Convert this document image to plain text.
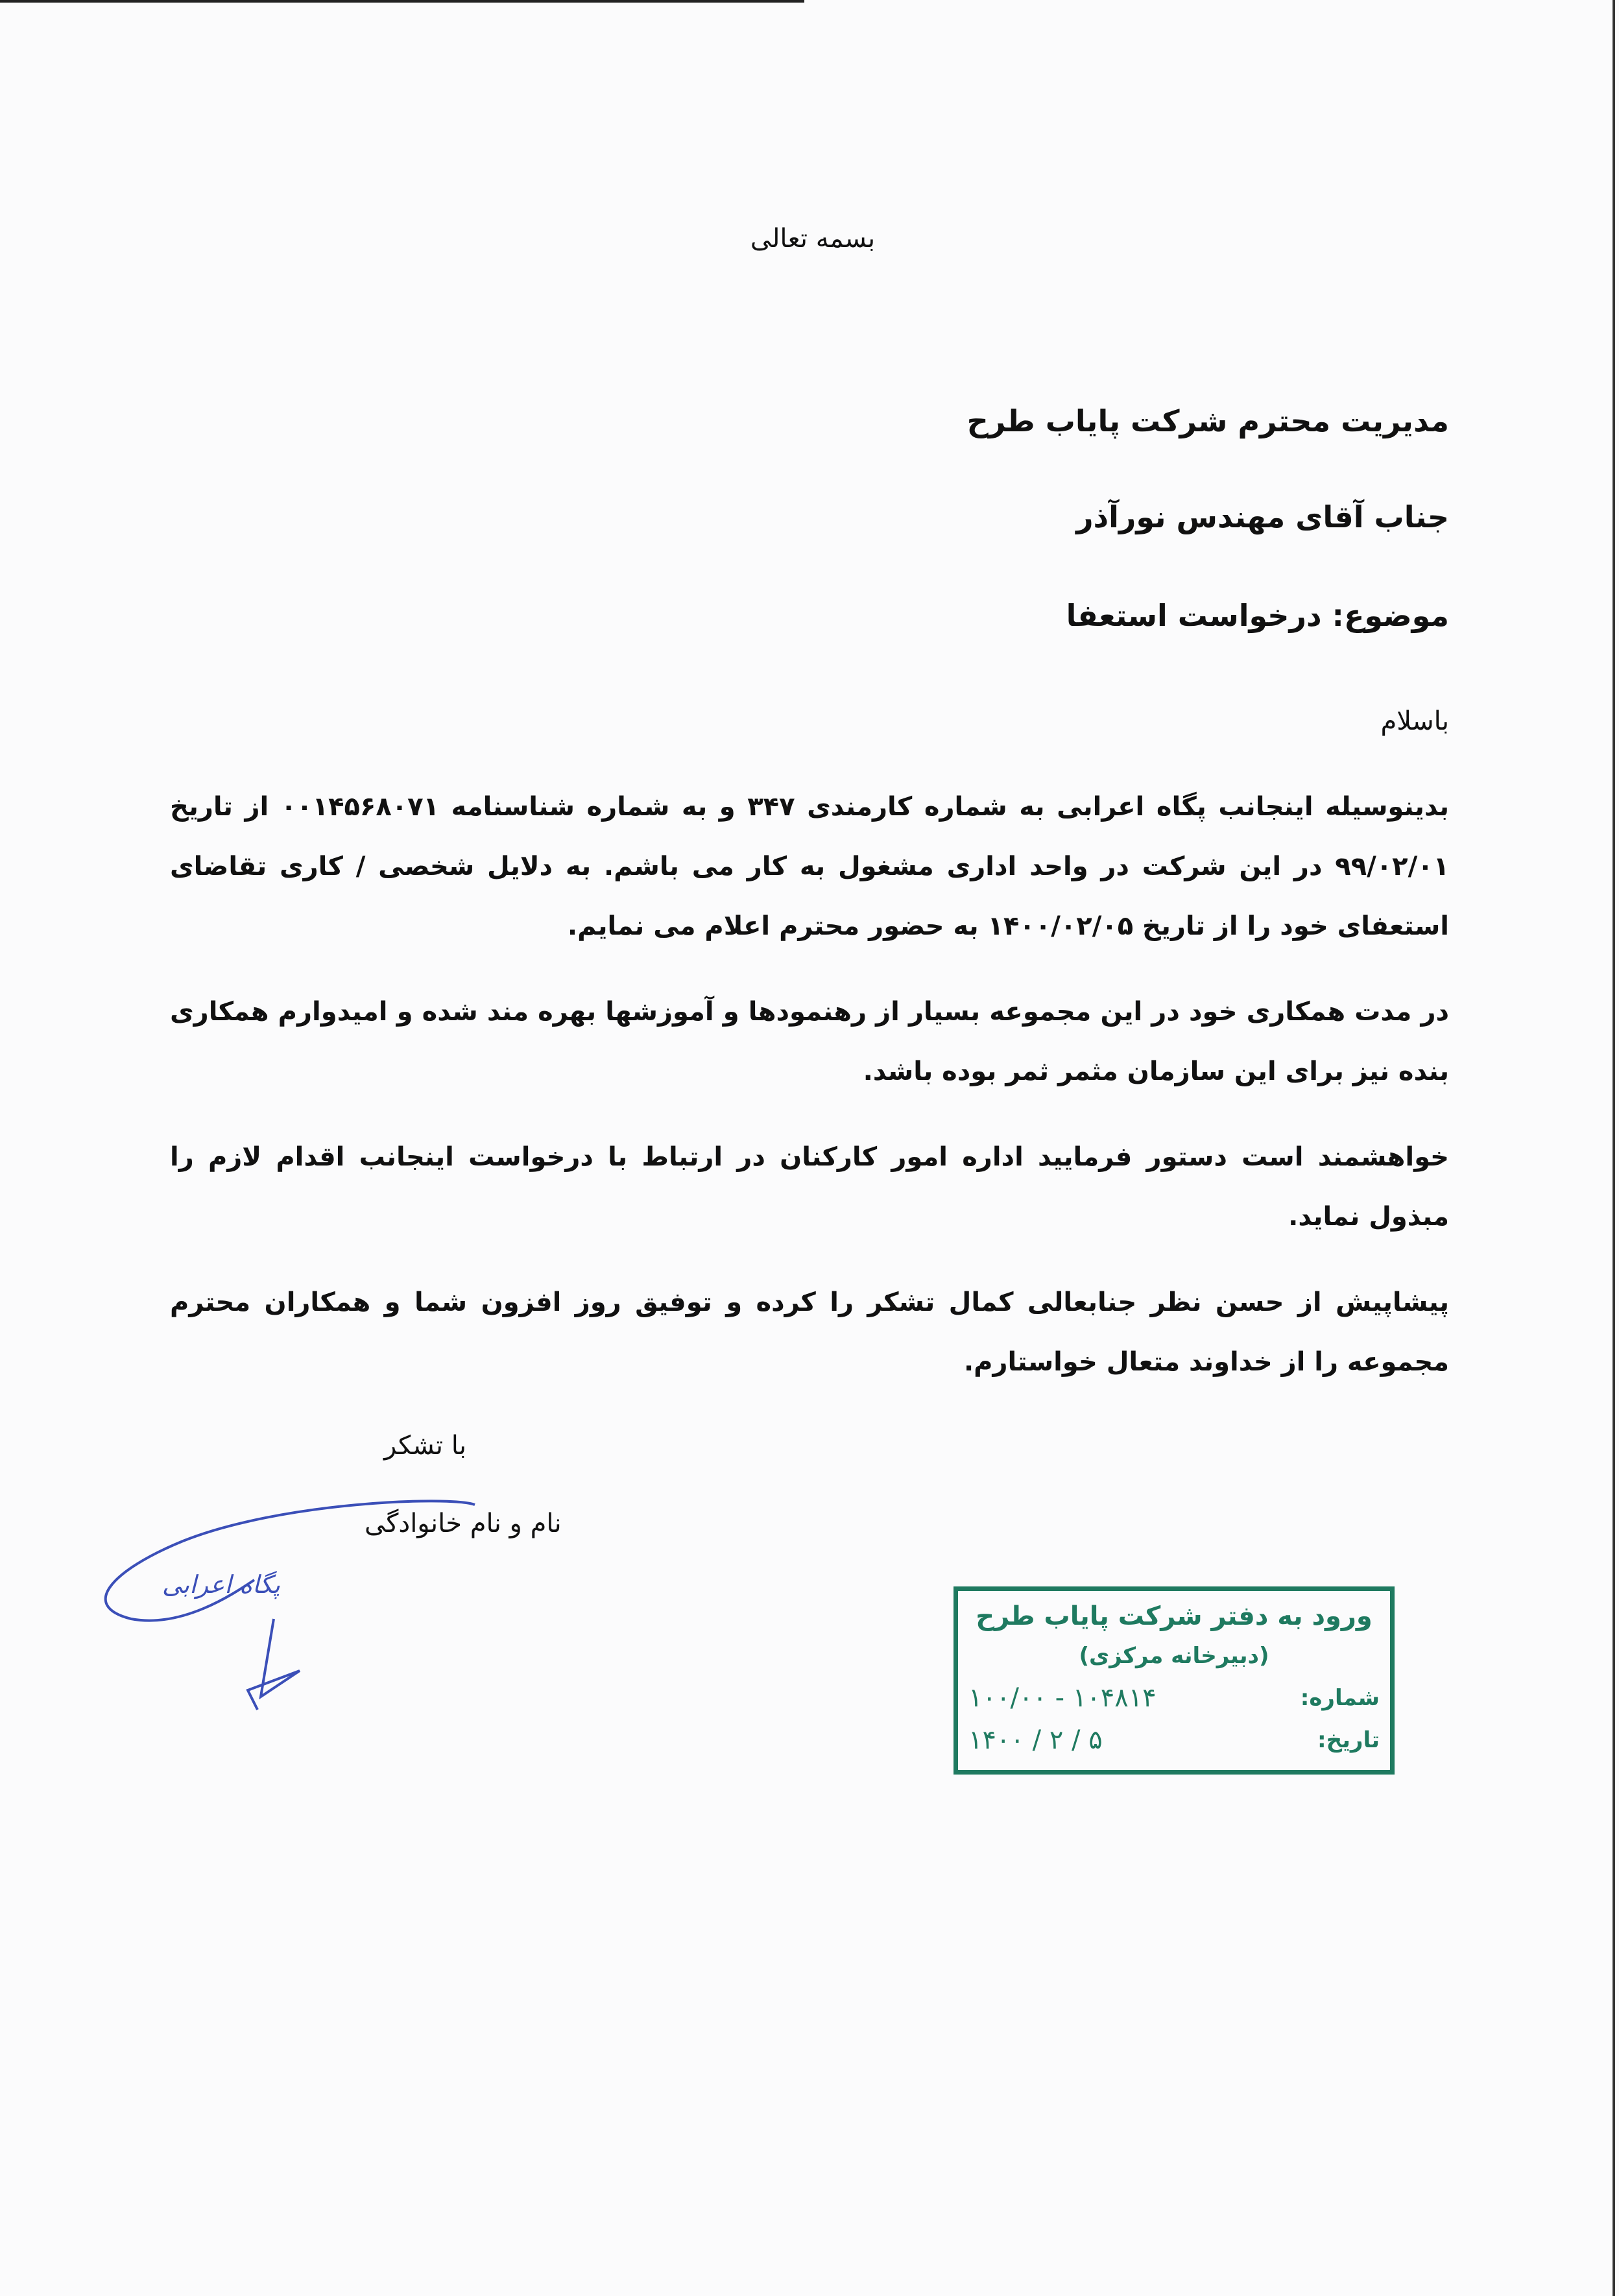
بسمه تعالی
مدیریت محترم شرکت پایاب طرح
جناب آقای مهندس نورآذر
موضوع: درخواست استعفا
باسلام

بدینوسیله اینجانب پگاه اعرابی به شماره کارمندی ۳۴۷ و به شماره شناسنامه ۰۰۱۴۵۶۸۰۷۱ از تاریخ ۹۹/۰۲/۰۱ در این شرکت در واحد اداری مشغول به کار می باشم. به دلایل شخصی / کاری تقاضای استعفای خود را از تاریخ ۱۴۰۰/۰۲/۰۵ به حضور محترم اعلام می نمایم.

در مدت همکاری خود در این مجموعه بسیار از رهنمودها و آموزشها بهره مند شده و امیدوارم همکاری بنده نیز برای این سازمان مثمر ثمر بوده باشد.

خواهشمند است دستور فرمایید اداره امور کارکنان در ارتباط با درخواست اینجانب اقدام لازم را مبذول نماید.

پیشاپیش از حسن نظر جنابعالی کمال تشکر را کرده و توفیق روز افزون شما و همکاران محترم مجموعه را از خداوند متعال خواستارم.

پگاه اعرابی
با تشکر
نام و نام خانوادگی
ورود به دفتر شرکت پایاب طرح
(دبیرخانه مرکزی)
شماره:
۱۰۰/۰۰ - ۱۰۴۸۱۴
تاریخ:
۱۴۰۰ / ۲ / ۵
